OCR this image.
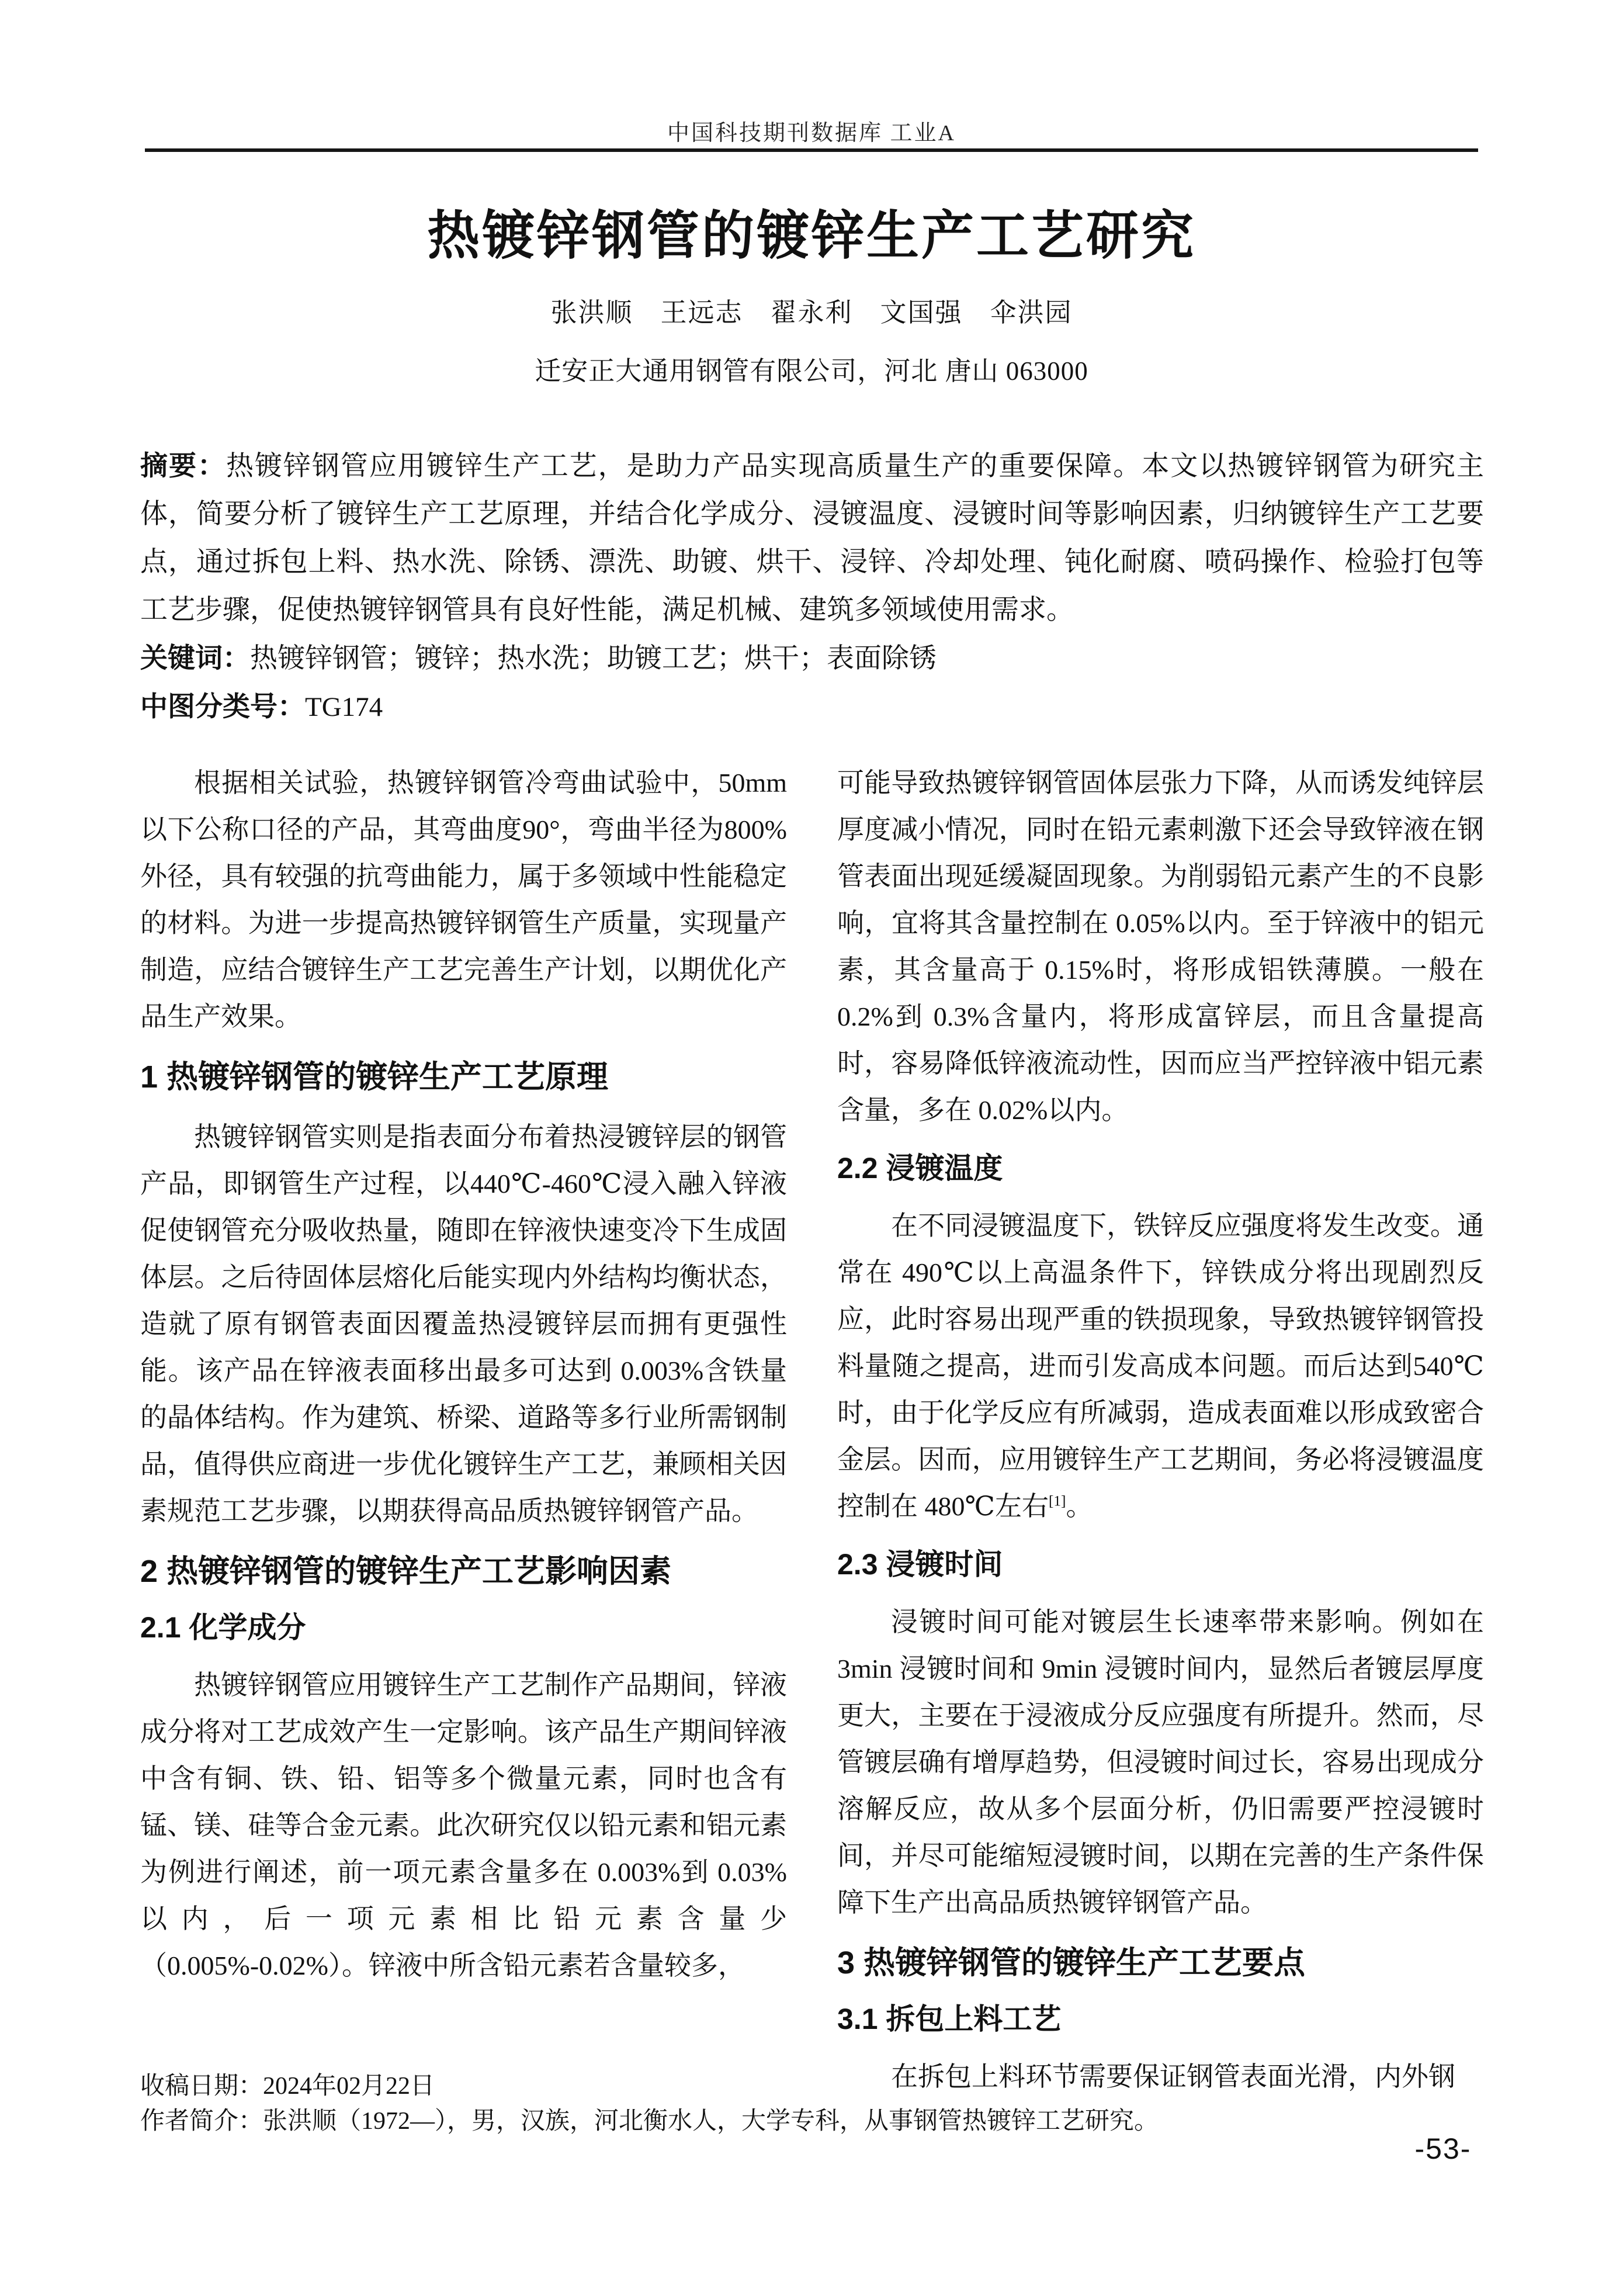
中国科技期刊数据库 工业A
热镀锌钢管的镀锌生产工艺研究
张洪顺　王远志　翟永利　文国强　伞洪园
迁安正大通用钢管有限公司，河北 唐山 063000

摘要：热镀锌钢管应用镀锌生产工艺，是助力产品实现高质量生产的重要保障。本文以热镀锌钢管为研究主体，简要分析了镀锌生产工艺原理，并结合化学成分、浸镀温度、浸镀时间等影响因素，归纳镀锌生产工艺要点，通过拆包上料、热水洗、除锈、漂洗、助镀、烘干、浸锌、冷却处理、钝化耐腐、喷码操作、检验打包等工艺步骤，促使热镀锌钢管具有良好性能，满足机械、建筑多领域使用需求。

关键词：热镀锌钢管；镀锌；热水洗；助镀工艺；烘干；表面除锈

中图分类号：TG174

根据相关试验，热镀锌钢管冷弯曲试验中，50mm以下公称口径的产品，其弯曲度90°，弯曲半径为800%外径，具有较强的抗弯曲能力，属于多领域中性能稳定的材料。为进一步提高热镀锌钢管生产质量，实现量产制造，应结合镀锌生产工艺完善生产计划，以期优化产品生产效果。

1 热镀锌钢管的镀锌生产工艺原理

热镀锌钢管实则是指表面分布着热浸镀锌层的钢管产品，即钢管生产过程，以440℃-460℃浸入融入锌液促使钢管充分吸收热量，随即在锌液快速变冷下生成固体层。之后待固体层熔化后能实现内外结构均衡状态，造就了原有钢管表面因覆盖热浸镀锌层而拥有更强性能。该产品在锌液表面移出最多可达到 0.003%含铁量的晶体结构。作为建筑、桥梁、道路等多行业所需钢制品，值得供应商进一步优化镀锌生产工艺，兼顾相关因素规范工艺步骤，以期获得高品质热镀锌钢管产品。

2 热镀锌钢管的镀锌生产工艺影响因素
2.1 化学成分

热镀锌钢管应用镀锌生产工艺制作产品期间，锌液成分将对工艺成效产生一定影响。该产品生产期间锌液中含有铜、铁、铅、铝等多个微量元素，同时也含有锰、镁、硅等合金元素。此次研究仅以铅元素和铝元素为例进行阐述，前一项元素含量多在 0.003%到 0.03%以内，后一项元素相比铅元素含量少（0.005%-0.02%）。锌液中所含铅元素若含量较多，

可能导致热镀锌钢管固体层张力下降，从而诱发纯锌层厚度减小情况，同时在铅元素刺激下还会导致锌液在钢管表面出现延缓凝固现象。为削弱铅元素产生的不良影响，宜将其含量控制在 0.05%以内。至于锌液中的铝元素，其含量高于 0.15%时，将形成铝铁薄膜。一般在 0.2%到 0.3%含量内，将形成富锌层，而且含量提高时，容易降低锌液流动性，因而应当严控锌液中铝元素含量，多在 0.02%以内。

2.2 浸镀温度

在不同浸镀温度下，铁锌反应强度将发生改变。通常在 490℃以上高温条件下，锌铁成分将出现剧烈反应，此时容易出现严重的铁损现象，导致热镀锌钢管投料量随之提高，进而引发高成本问题。而后达到540℃时，由于化学反应有所减弱，造成表面难以形成致密合金层。因而，应用镀锌生产工艺期间，务必将浸镀温度控制在 480℃左右[1]。

2.3 浸镀时间

浸镀时间可能对镀层生长速率带来影响。例如在3min 浸镀时间和 9min 浸镀时间内，显然后者镀层厚度更大，主要在于浸液成分反应强度有所提升。然而，尽管镀层确有增厚趋势，但浸镀时间过长，容易出现成分溶解反应，故从多个层面分析，仍旧需要严控浸镀时间，并尽可能缩短浸镀时间，以期在完善的生产条件保障下生产出高品质热镀锌钢管产品。

3 热镀锌钢管的镀锌生产工艺要点
3.1 拆包上料工艺

在拆包上料环节需要保证钢管表面光滑，内外钢

收稿日期：2024年02月22日
作者简介：张洪顺（1972—），男，汉族，河北衡水人，大学专科，从事钢管热镀锌工艺研究。
-53-
